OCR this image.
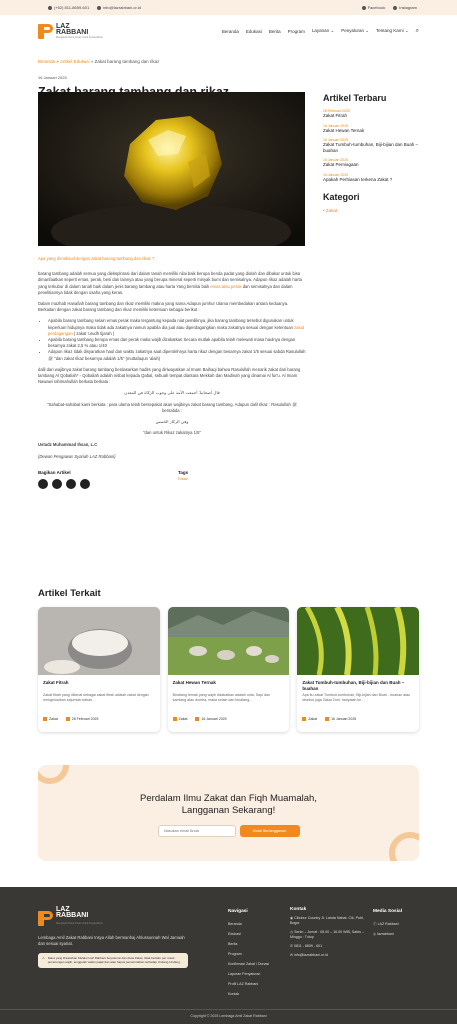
(+62) 811-8659-601	info@lazrabbani.or.id	Facebook	Instagram
LAZ
RABBANI
Mengelola Dana Umat Untuk Kemandirian
Beranda Edukasi Berita Program Layanan ⌄ Penyaluran ⌄ Tentang Kami ⌄ ⌕
Beranda » Artikel Edukasi » Zakat barang tambang dan rikaz
16 Januari 2025

Apa yang dimaksud dengan zakat barang tambang dan rikaz ?

barang tambang adalah semua yang dieksplorasi dari dalam tanah memiliki nilai baik berupa benda padat yang diolah dan dibakar untuk bisa dimanfaatkan seperti emas, perak, besi dan lainnya atau yang berupa mineral seperti minyak bumi dan semisalnya. Adapun rikaz adalah harta yang terkubur di dalam tanah baik dalam jenis barang tambang atau harta Yang bernilai baik emas atau perak dan semisalnya dan dalam penelitiannya tidak dengan usaha yang keras.

Dalam mazhab Hanafiah barang tambang dan rikaz memiliki makna yang sama Adapun jumhur Ulama membedakan antara keduanya. Berkaitan dengan zakat barang tambang dan rikaz memiliki ketentuan sebagai berikut :

• Apabila barang tambang selain emas perak maka tergantung kepada niat pemiliknya, jika barang tambang tersebut digunakan untuk keperluan hidupnya maka tidak ada zakatnya namun apabila dia jual atau diperdagangkan maka zakatnya sesuai dengan ketentuan zakat perdagangan ( zakat 'urudh tijarah )
• Apabila barang tambang berupa emas dan perak maka wajib dizakatkan Secara mutlak apabila telah melewati masa haulnya dengan besarnya zakat 2,5 % atau 1/40
• Adapun rikaz tidak disyaratkan haul dan waktu zakatnya saat diperolehnya harta rikaz dengan besarnya zakat 1/5 sesuai sabda Rasulullah ﷺ "dan zakat rikaz besarnya adalah 1/5" (muttafaqun 'alaih)

dalil dari wajibnya zakat barang tambang berdasarkan hadits yang diriwayatkan al Imam Baihaqi bahwa Rasulullah menarik zakat dari barang tambang Al Qobaliah* - Qobaliah adalah nisbat kepada Qabal, sebuah tempat diantara Mekkah dan Madinah yang dinamai Al fur'u. Al Imam Nawawi rahimahullah berkata berkata :

قال أصحابنا: أجمعت الأمة على وجوب الزكاة في المعدن

"Sahabat-sahabat kami berkata : para ulama telah bersepakat akan wajibnya zakat barang tambang. Adapun dalil rikaz : Rasulullah ﷺ bersabda :

وفي الركاز الخمس

"dan untuk Rikaz zakatnya 1/5"

Ustadz Muhammad Ihsan, L.C

(Dewan Pengawas Syariah LAZ Rabbani)

Bagikan Artikel	Tags
Rikaz
Artikel Terbaru
28 Februari 2025
Zakat Fitrah
16 Januari 2025
Zakat Hewan Ternak
16 Januari 2025
Zakat Tumbuh-tumbuhan, Biji-bijian dan Buah – buahan
16 Januari 2025
Zakat Perniagaan
16 Januari 2025
Apakah Perhiasan terkena Zakat ?
Kategori
• Zakat
Artikel Terkait
Zakat Fitrah
Zakat fitrah yang dikenal sebagai zakat fitrah adalah zakat dengan mengeluarkan sejumlah bahan…
Zakat	28 Februari 2025
Zakat Hewan Ternak
Binatang ternak yang wajib dizakatkan adalah unta, Sapi dan kambing atau domba, maka selain dari binatang…
Zakat	16 Januari 2025
Zakat Tumbuh-tumbuhan, Biji-bijian dan Buah – buahan
Apa itu zakat Tumbuh-tumbuhan, Biji-bijian dan Buah - buahan atau disebut juga Zakat Zuru' hanyalah ke…
Zakat	16 Januari 2025
Perdalam Ilmu Zakat dan Fiqh Muamalah,
Langganan Sekarang!
Masukan email Anda
Mulai Berlangganan
LAZ
RABBANI
Mengelola Dana Umat Untuk Kemandirian

Lembaga Amil Zakat Rabbani Insya Allah bermanhaj Ahlussunnah Wal Jamaah dan sesuai syariat.

⚠ Dana yang Disalurkan Melalui LAZ Rabbani berpotensi dan dana Zakat, tidak berlaku per untuk pemotongan wajib, tenggelah waktu pajak dan atau hapus pemerintahan terhadap Undang-Undang.
Navigasi
Beranda
Edukasi
Berita
Program
Konfirmasi Zakat / Donasi
Laporan Penyaluran
Profil LAZ Rabbani
Kontak
Kontak
◉ Cibubur Country Jl. Lahda Nabat. Cik, Putri, Bogor
◷ Senin – Jumat : 08.00 – 16.00 WIB, Sabtu – Minggu : Tutup
✆ 0811 - 8659 - 601
✉ info@lazrabbani.or.id
Media Sosial
ⓕ LAZ Rabbani
◎ lazrabbani
Copyright © 2025 Lembaga Amil Zakat Rabbani
